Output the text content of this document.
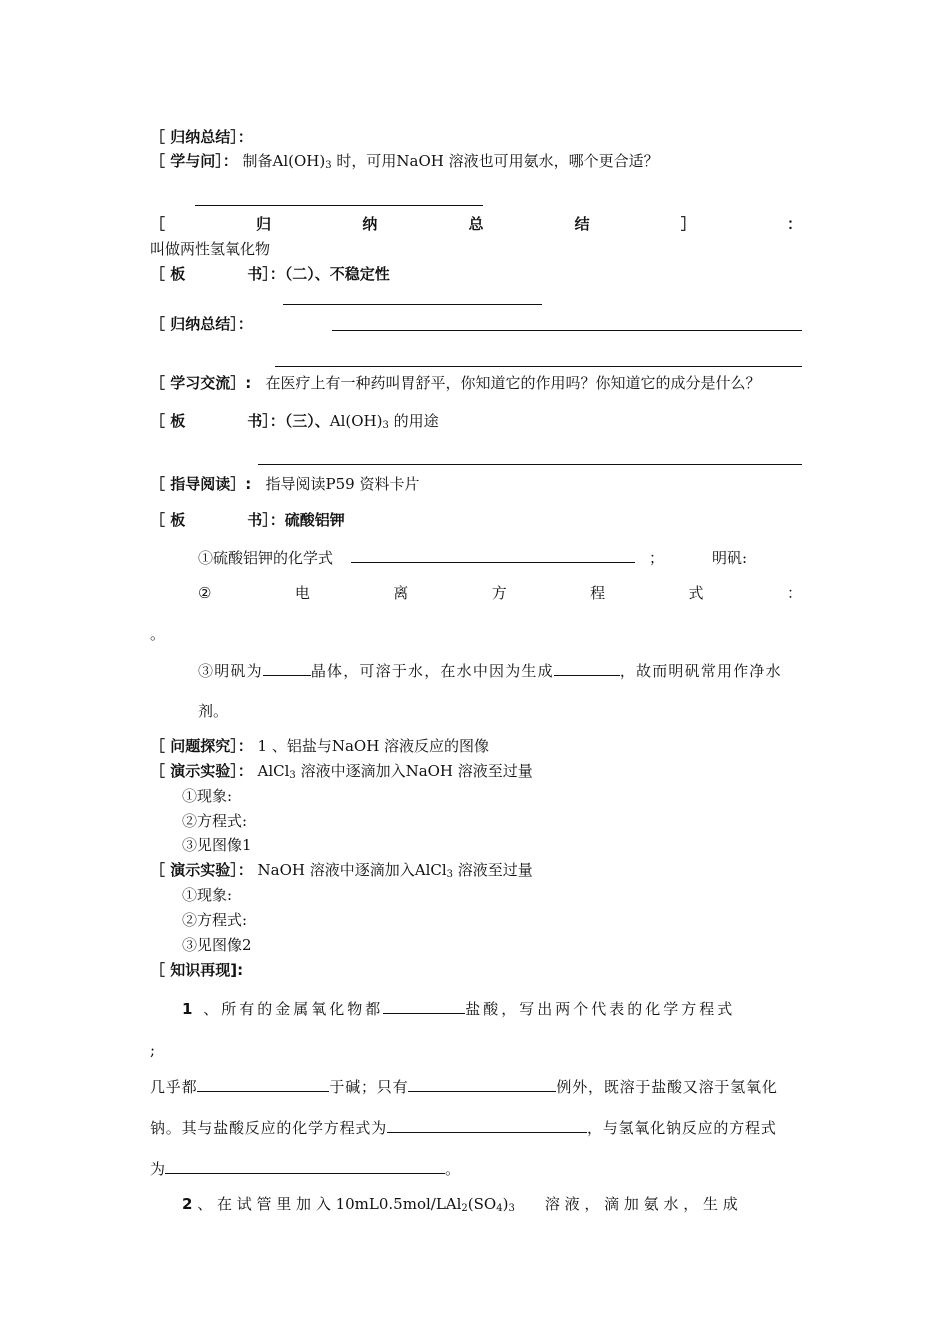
［ 归纳总结］：
［ 学与问］： 制备$Al(OH)_3$ 时，可用NaOH 溶液也可用氨水，哪个更合适？
［	归	纳	总	结	］	：
叫做两性氢氧化物
［ 板	书］：（二）、不稳定性
［ 归纳总结］：
［ 学习交流］: 在医疗上有一种药叫胃舒平，你知道它的作用吗？你知道它的成分是什么？
［ 板	书］：（三）、$Al(OH)_3$ 的用途
［ 指导阅读］: 指导阅读P59 资料卡片
［ 板	书］：硫酸铝钾
①硫酸铝钾的化学式	；	明矾:
②	电	离	方	程	式	：
。
③明矾为	晶体，可溶于水，在水中因为生成	，故而明矾常用作净水
剂。
［ 问题探究］： 1 、铝盐与NaOH 溶液反应的图像
［ 演示实验］： AlCl$_3$ 溶液中逐滴加入NaOH 溶液至过量
①现象:
②方程式:
③见图像1
［ 演示实验］： NaOH 溶液中逐滴加入AlCl$_3$ 溶液至过量
①现象:
②方程式:
③见图像2
［ 知识再现]:
1 、所有的金属氧化物都	盐酸，写出两个代表的化学方程式
;
几乎都	于碱；只有	例外，既溶于盐酸又溶于氢氧化
钠。其与盐酸反应的化学方程式为	，与氢氧化钠反应的方程式
为	。
2 、 在 试 管 里 加 入 $10mL0.5mol/LAl_2(SO_4)_3$ 溶 液 ， 滴 加 氨 水 ， 生 成
